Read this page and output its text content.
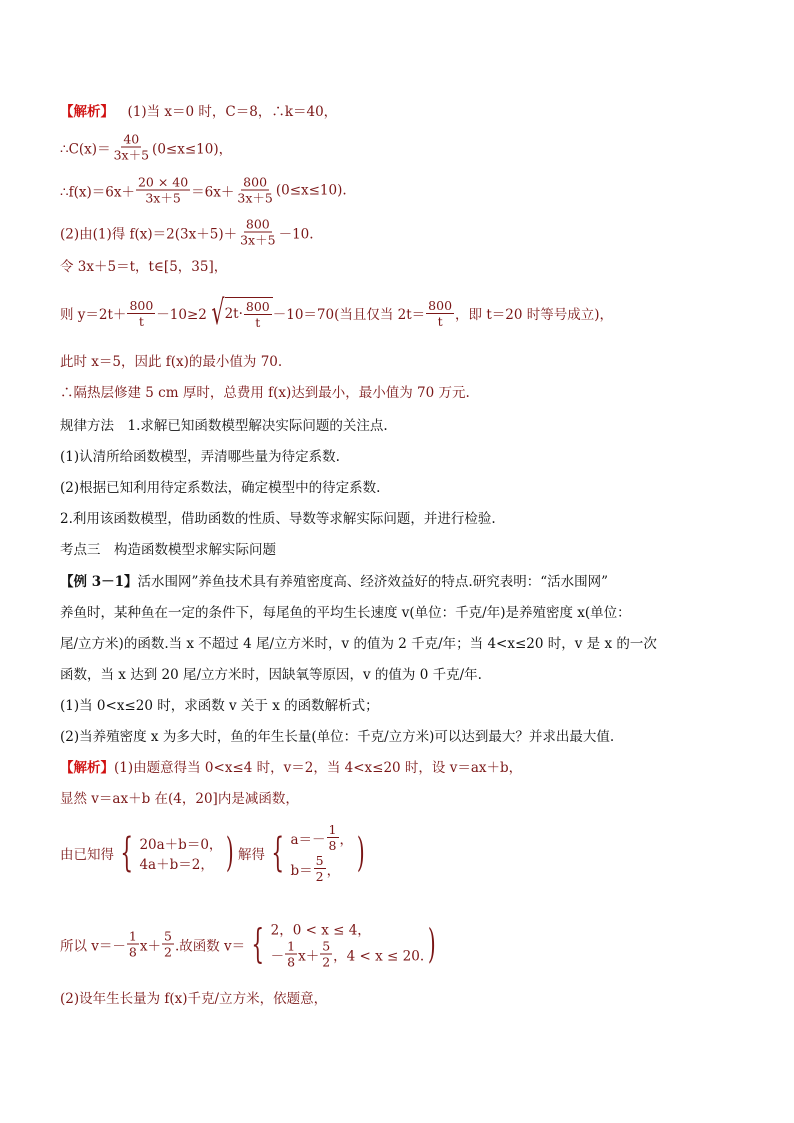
【解析】 　(1)当 x＝0 时，C＝8，∴k＝40，
∴C(x)＝ $\frac{40}{3x+5} (0\le x\le 10)$，
∴f(x)＝6x＋ $\frac{20 \times 40}{3x+5} =6x+ \frac{800}{3x+5} (0\le x\le 10)$.
(2)由(1)得 $f(x)=2(3x+5)+ \frac{800}{3x+5} -10$.
令 3x＋5＝t，t∈[5，35]，
则 $y=2t+ \frac{800}{t} -10\ge 2$ √ $2t\cdot \frac{800}{t} -10=70$(当且仅当 $2t= \frac{800}{t}$ ，即 t＝20 时等号成立)，
此时 x＝5，因此 f(x)的最小值为 70.
∴隔热层修建 5 cm 厚时，总费用 f(x)达到最小，最小值为 70 万元.
规律方法　1.求解已知函数模型解决实际问题的关注点.
(1)认清所给函数模型，弄清哪些量为待定系数.
(2)根据已知利用待定系数法，确定模型中的待定系数.
2.利用该函数模型，借助函数的性质、导数等求解实际问题，并进行检验.
考点三　构造函数模型求解实际问题
【例 3－1】 活水围网”养鱼技术具有养殖密度高、经济效益好的特点.研究表明：“活水围网”
养鱼时，某种鱼在一定的条件下，每尾鱼的平均生长速度 v(单位：千克/年)是养殖密度 x(单位：
尾/立方米)的函数.当 x 不超过 4 尾/立方米时，v 的值为 2 千克/年；当 4<x≤20 时，v 是 x 的一次
函数，当 x 达到 20 尾/立方米时，因缺氧等原因，v 的值为 0 千克/年.
(1)当 0<x≤20 时，求函数 v 关于 x 的函数解析式；
(2)当养殖密度 x 为多大时，鱼的年生长量(单位：千克/立方米)可以达到最大？并求出最大值.
【解析】 (1)由题意得当 0<x≤4 时，v＝2，当 4<x≤20 时，设 v＝ax＋b，
显然 v＝ax＋b 在(4，20]内是减函数，
由已知得 { 20a＋b＝0，
4a＋b＝2， ) 解得 { $a=- \frac{1}{8}$ ，
$b= \frac{5}{2}$ ， )
所以 $v=- \frac{1}{8} x+ \frac{5}{2}$ .故函数 v＝ { 2，0 < x ≤ 4，
－ $\frac{1}{8} x+ \frac{5}{2}$ ，4 < x ≤ 20. )
(2)设年生长量为 f(x)千克/立方米，依题意，
